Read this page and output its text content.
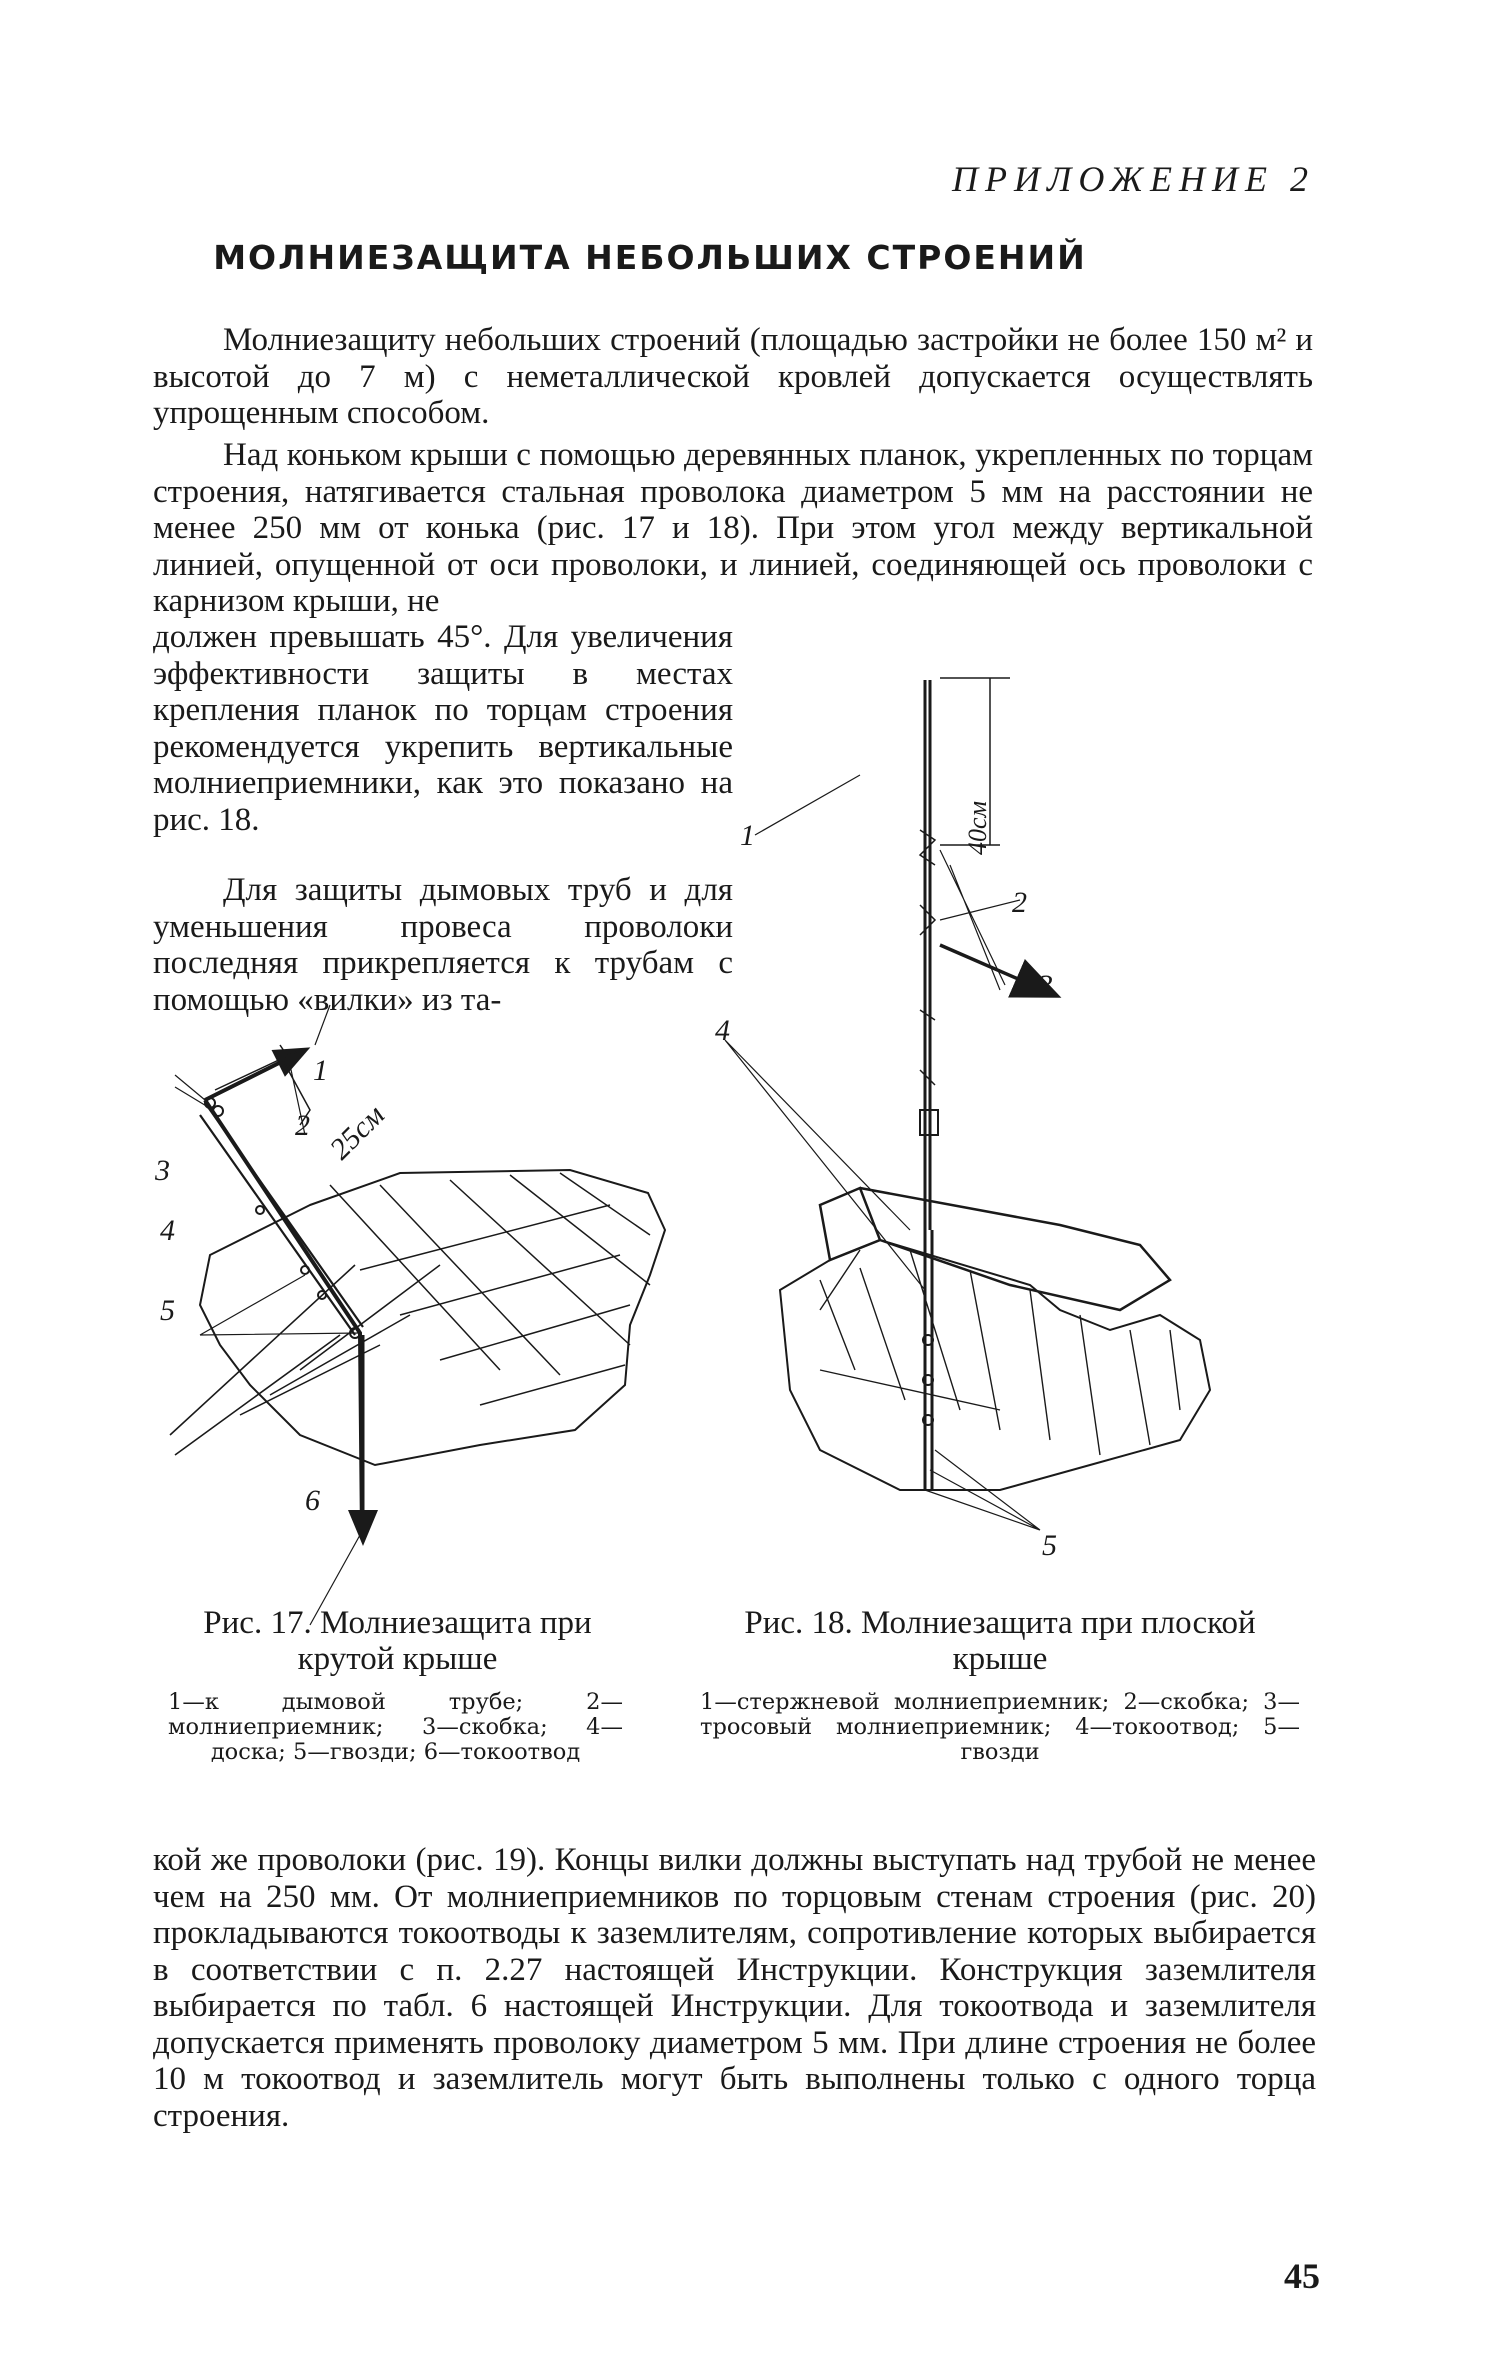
ПРИЛОЖЕНИЕ 2
МОЛНИЕЗАЩИТА НЕБОЛЬШИХ СТРОЕНИЙ

Молниезащиту небольших строений (площадью застройки не более 150 м² и высотой до 7 м) с неметаллической кровлей допускается осуществлять упрощенным способом.

Над коньком крыши с помощью деревянных планок, укрепленных по торцам строения, натягивается стальная проволока диаметром 5 мм на расстоянии не менее 250 мм от конька (рис. 17 и 18). При этом угол между вертикальной линией, опущенной от оси проволоки, и линией, соединяющей ось проволоки с карнизом крыши, не

должен превышать 45°. Для увеличения эффективности защиты в местах крепления планок по торцам строения рекомендуется укрепить вертикальные молниеприемники, как это показано на рис. 18.

Для защиты дымовых труб и для уменьшения провеса проволоки последняя прикрепляется к трубам с помощью «вилки» из та-

25см
1
2
3
4
5
6
40см
1
2
3
4
5
Рис. 17. Молниезащита при крутой крыше
1—к дымовой трубе; 2—молниеприемник; 3—скобка; 4—доска; 5—гвозди; 6—токоотвод
Рис. 18. Молниезащита при плоской крыше
1—стержневой молниеприемник; 2—скобка; 3—тросовый молниеприемник; 4—токоотвод; 5—гвозди

кой же проволоки (рис. 19). Концы вилки должны выступать над трубой не менее чем на 250 мм. От молниеприемников по торцовым стенам строения (рис. 20) прокладываются токоотводы к заземлителям, сопротивление которых выбирается в соответствии с п. 2.27 настоящей Инструкции. Конструкция заземлителя выбирается по табл. 6 настоящей Инструкции. Для токоотвода и заземлителя допускается применять проволоку диаметром 5 мм. При длине строения не более 10 м токоотвод и заземлитель могут быть выполнены только с одного торца строения.

45
